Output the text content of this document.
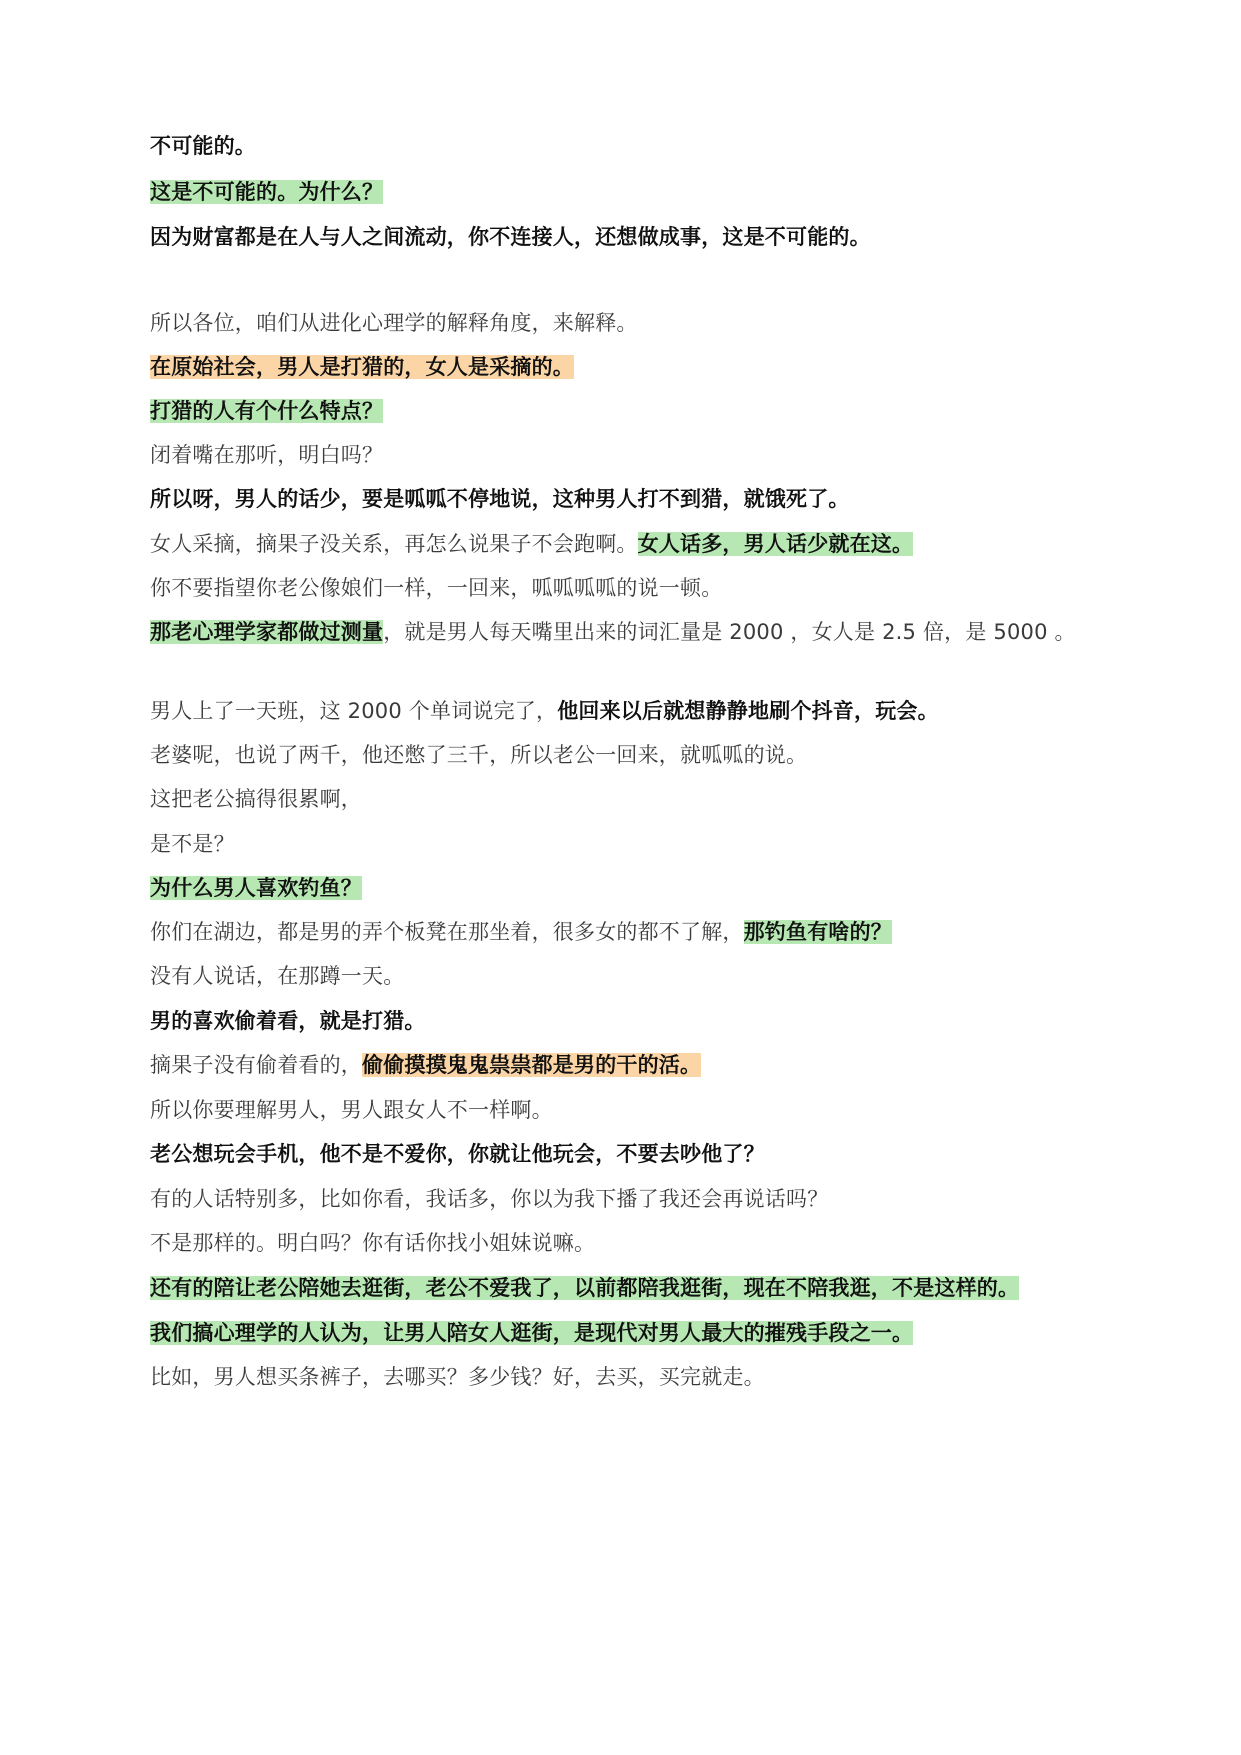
不可能的。

这是不可能的。为什么？

因为财富都是在人与人之间流动，你不连接人，还想做成事，这是不可能的。

所以各位，咱们从进化心理学的解释角度，来解释。

在原始社会，男人是打猎的，女人是采摘的。

打猎的人有个什么特点？

闭着嘴在那听，明白吗？

所以呀，男人的话少，要是呱呱不停地说，这种男人打不到猎，就饿死了。

女人采摘，摘果子没关系，再怎么说果子不会跑啊。女人话多，男人话少就在这。

你不要指望你老公像娘们一样，一回来，呱呱呱呱的说一顿。

那老心理学家都做过测量，就是男人每天嘴里出来的词汇量是 2000 ，女人是 2.5 倍，是 5000 。

男人上了一天班，这 2000 个单词说完了，他回来以后就想静静地刷个抖音，玩会。

老婆呢，也说了两千，他还憋了三千，所以老公一回来，就呱呱的说。

这把老公搞得很累啊，

是不是？

为什么男人喜欢钓鱼？

你们在湖边，都是男的弄个板凳在那坐着，很多女的都不了解，那钓鱼有啥的？

没有人说话，在那蹲一天。

男的喜欢偷着看，就是打猎。

摘果子没有偷着看的，偷偷摸摸鬼鬼祟祟都是男的干的活。

所以你要理解男人，男人跟女人不一样啊。

老公想玩会手机，他不是不爱你，你就让他玩会，不要去吵他了？

有的人话特别多，比如你看，我话多，你以为我下播了我还会再说话吗？

不是那样的。明白吗？你有话你找小姐妹说嘛。

还有的陪让老公陪她去逛街，老公不爱我了，以前都陪我逛街，现在不陪我逛，不是这样的。

我们搞心理学的人认为，让男人陪女人逛街，是现代对男人最大的摧残手段之一。

比如，男人想买条裤子，去哪买？多少钱？好，去买，买完就走。
